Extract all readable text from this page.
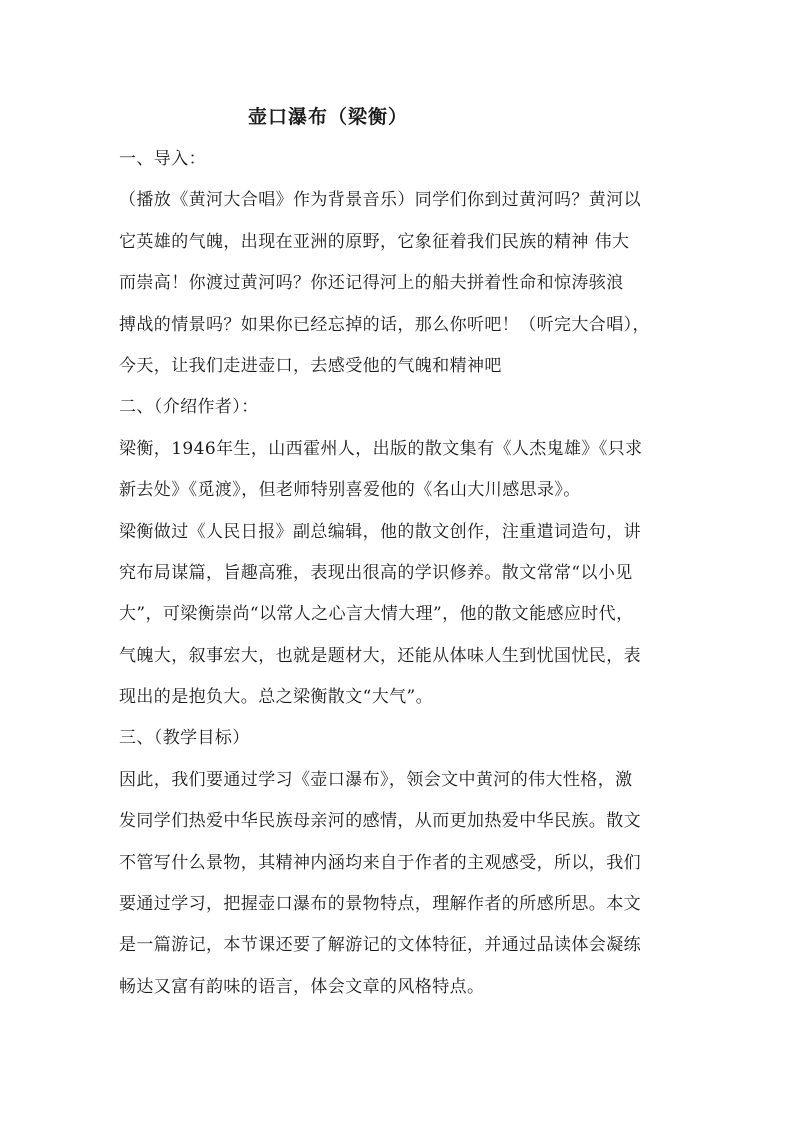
壶口瀑布（梁衡）
一、导入：
（播放《黄河大合唱》作为背景音乐）同学们你到过黄河吗？黄河以
它英雄的气魄，出现在亚洲的原野，它象征着我们民族的精神 伟大
而崇高！你渡过黄河吗？你还记得河上的船夫拼着性命和惊涛骇浪
搏战的情景吗？如果你已经忘掉的话，那么你听吧！（听完大合唱），
今天，让我们走进壶口，去感受他的气魄和精神吧
二、（介绍作者）：
梁衡，1946年生，山西霍州人，出版的散文集有《人杰鬼雄》《只求
新去处》《觅渡》，但老师特别喜爱他的《名山大川感思录》。
梁衡做过《人民日报》副总编辑，他的散文创作，注重遣词造句，讲
究布局谋篇，旨趣高雅，表现出很高的学识修养。散文常常“以小见
大”，可梁衡崇尚“以常人之心言大情大理”，他的散文能感应时代，
气魄大，叙事宏大，也就是题材大，还能从体味人生到忧国忧民，表
现出的是抱负大。总之梁衡散文“大气”。
三、（教学目标）
因此，我们要通过学习《壶口瀑布》，领会文中黄河的伟大性格，激
发同学们热爱中华民族母亲河的感情，从而更加热爱中华民族。散文
不管写什么景物，其精神内涵均来自于作者的主观感受，所以，我们
要通过学习，把握壶口瀑布的景物特点，理解作者的所感所思。本文
是一篇游记，本节课还要了解游记的文体特征，并通过品读体会凝练
畅达又富有韵味的语言，体会文章的风格特点。
